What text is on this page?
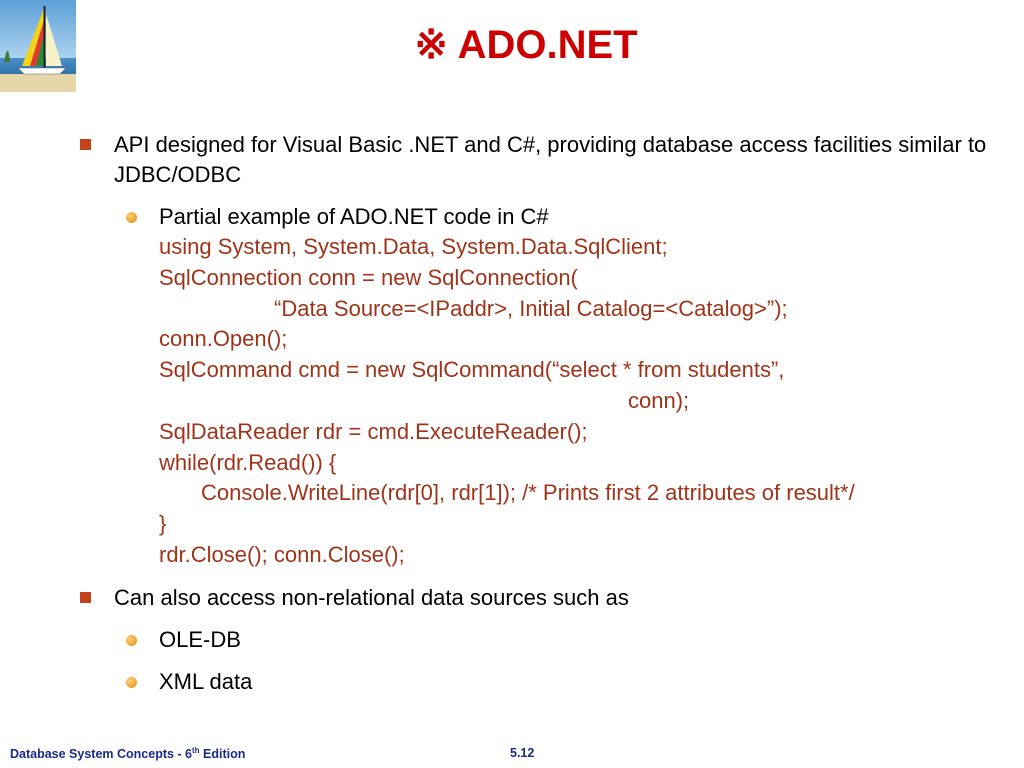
※ ADO.NET
API designed for Visual Basic .NET and C#, providing database access facilities similar to JDBC/ODBC
Partial example of ADO.NET code in C#
using System, System.Data, System.Data.SqlClient;
SqlConnection conn = new SqlConnection(
“Data Source=<IPaddr>, Initial Catalog=<Catalog>”);
conn.Open();
SqlCommand cmd = new SqlCommand(“select * from students”,
conn);
SqlDataReader rdr = cmd.ExecuteReader();
while(rdr.Read()) {
Console.WriteLine(rdr[0], rdr[1]); /* Prints first 2 attributes of result*/
}
rdr.Close(); conn.Close();
Can also access non-relational data sources such as
OLE-DB
XML data
Database System Concepts - 6th Edition	5.12
